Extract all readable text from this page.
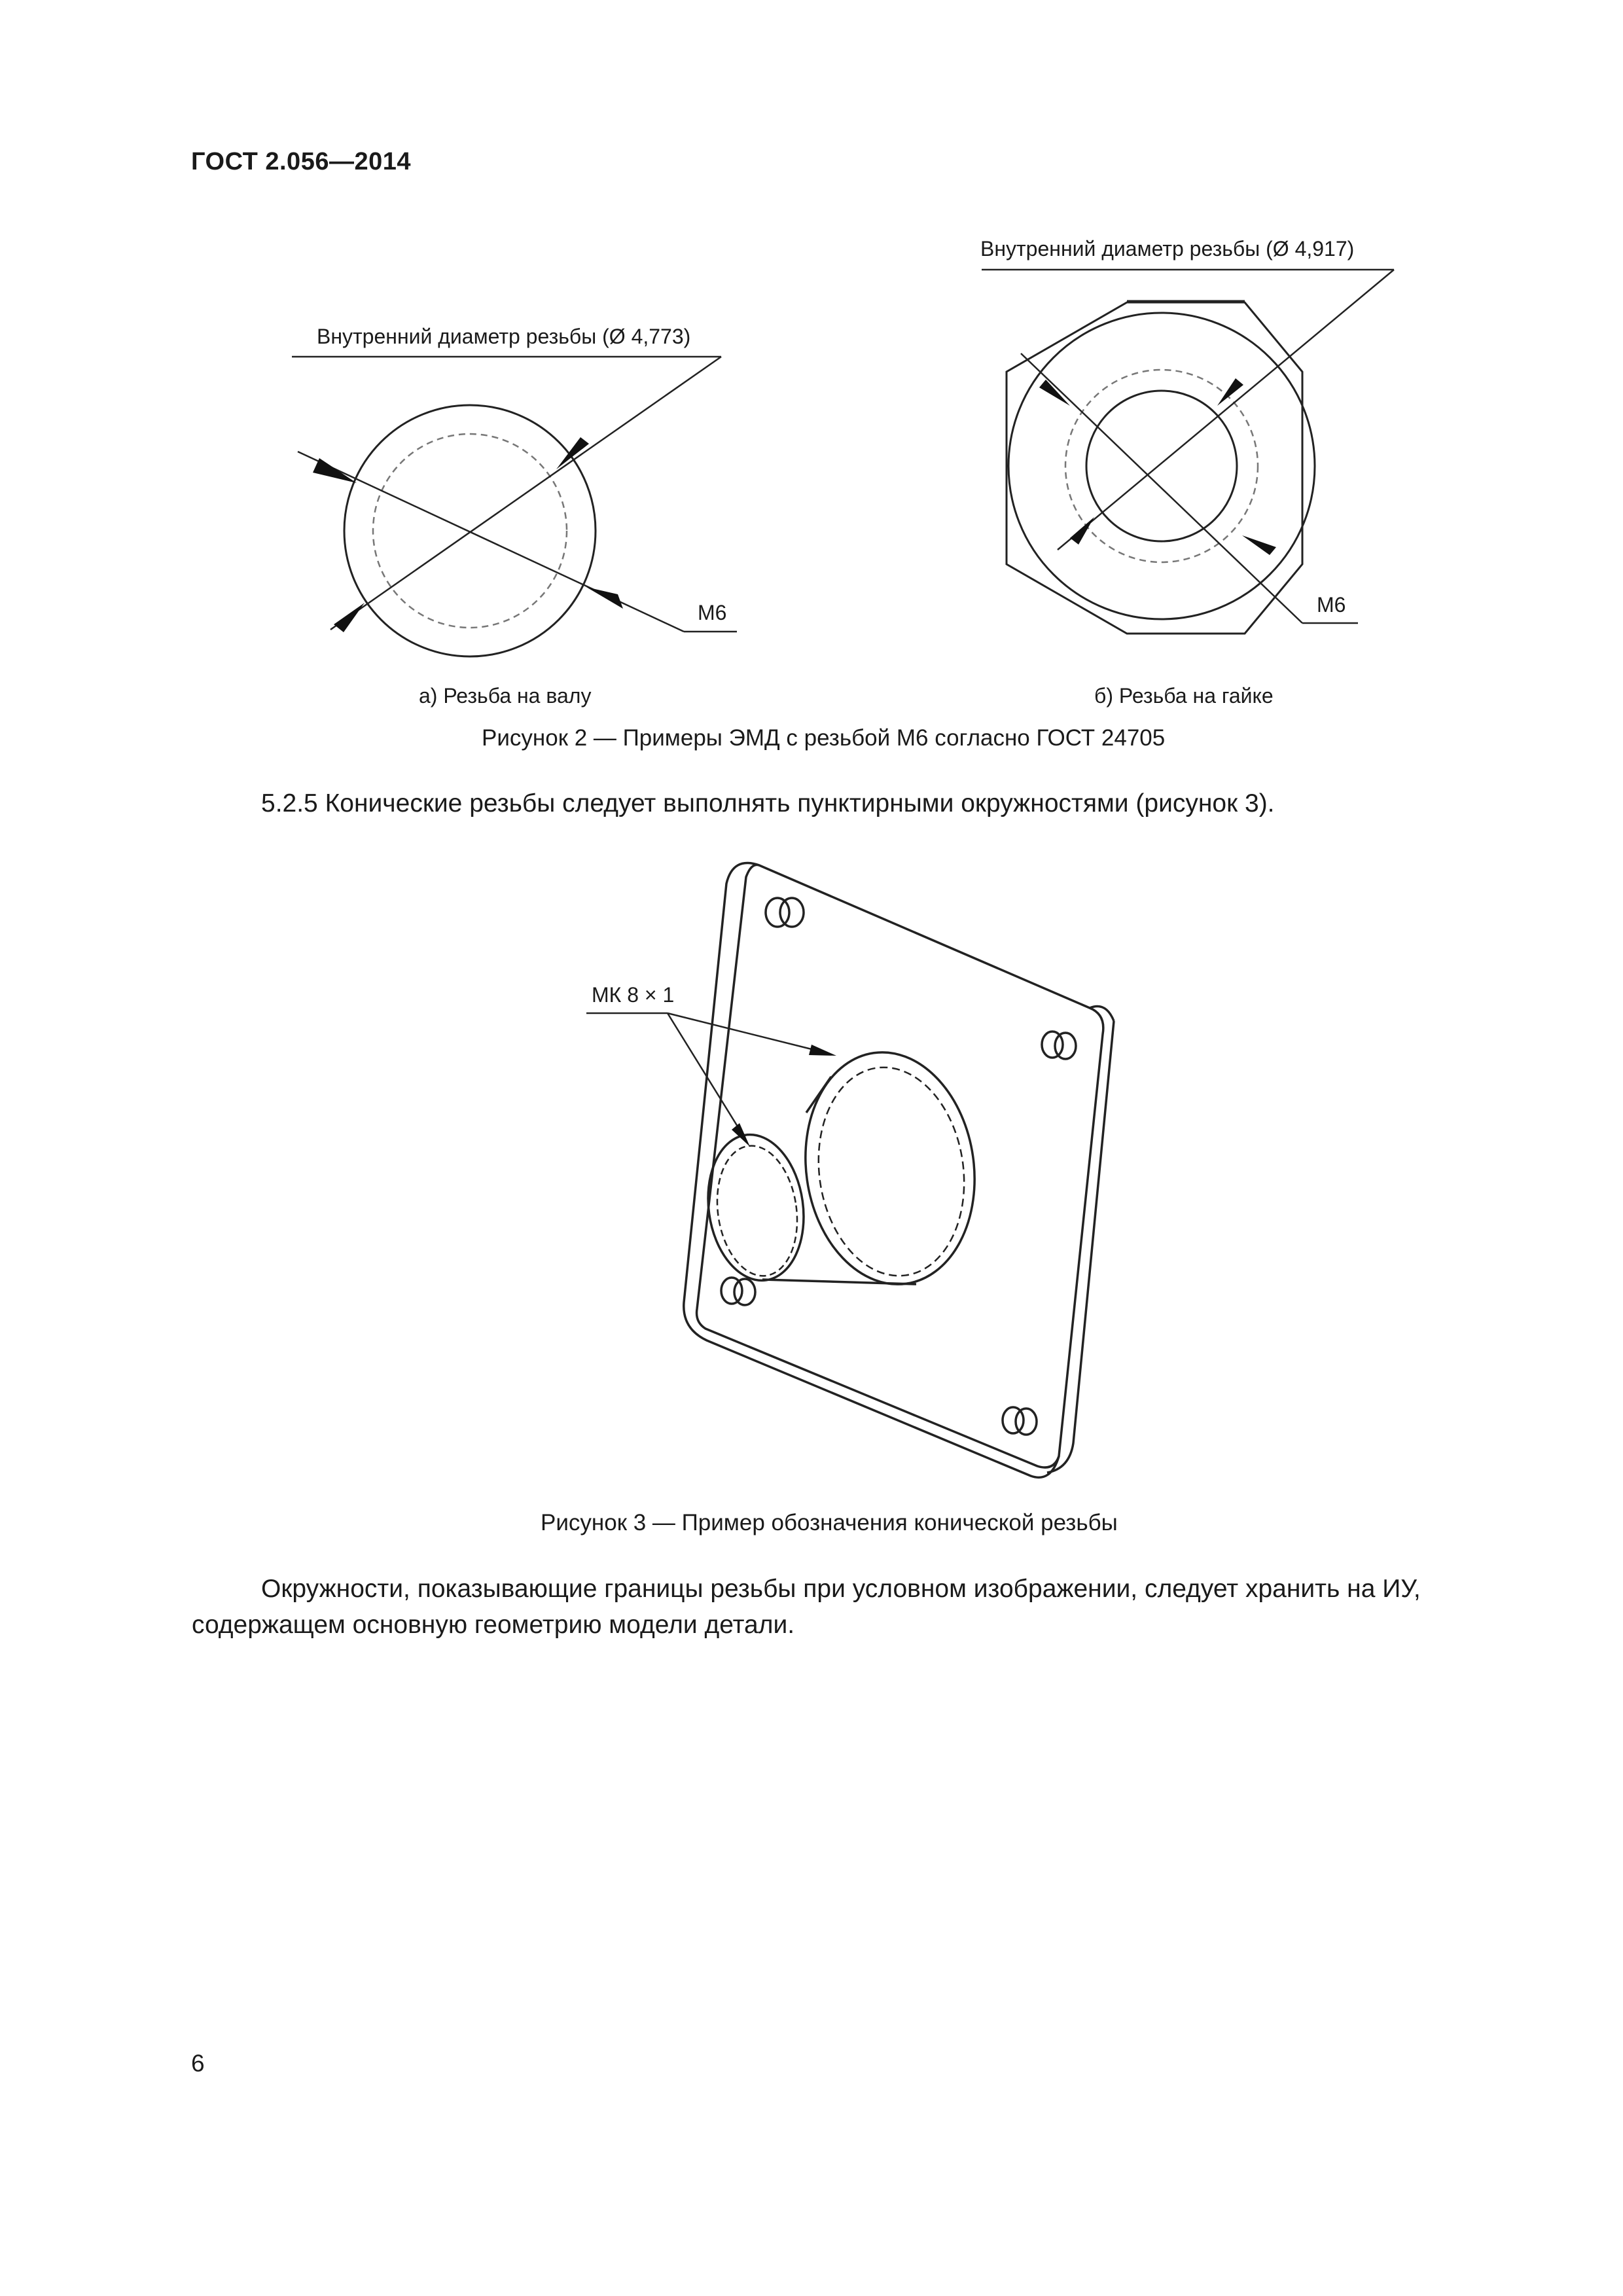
ГОСТ 2.056—2014
Внутренний диаметр резьбы (Ø 4,773)
М6
Внутренний диаметр резьбы (Ø 4,917)
М6
а) Резьба на валу	б) Резьба на гайке
Рисунок 2 — Примеры ЭМД с резьбой М6 согласно ГОСТ 24705
5.2.5 Конические резьбы следует выполнять пунктирными окружностями (рисунок 3).
МК 8 × 1
Рисунок 3 — Пример обозначения конической резьбы
Окружности, показывающие границы резьбы при условном изображении, следует хранить на ИУ,
содержащем основную геометрию модели детали.
6
